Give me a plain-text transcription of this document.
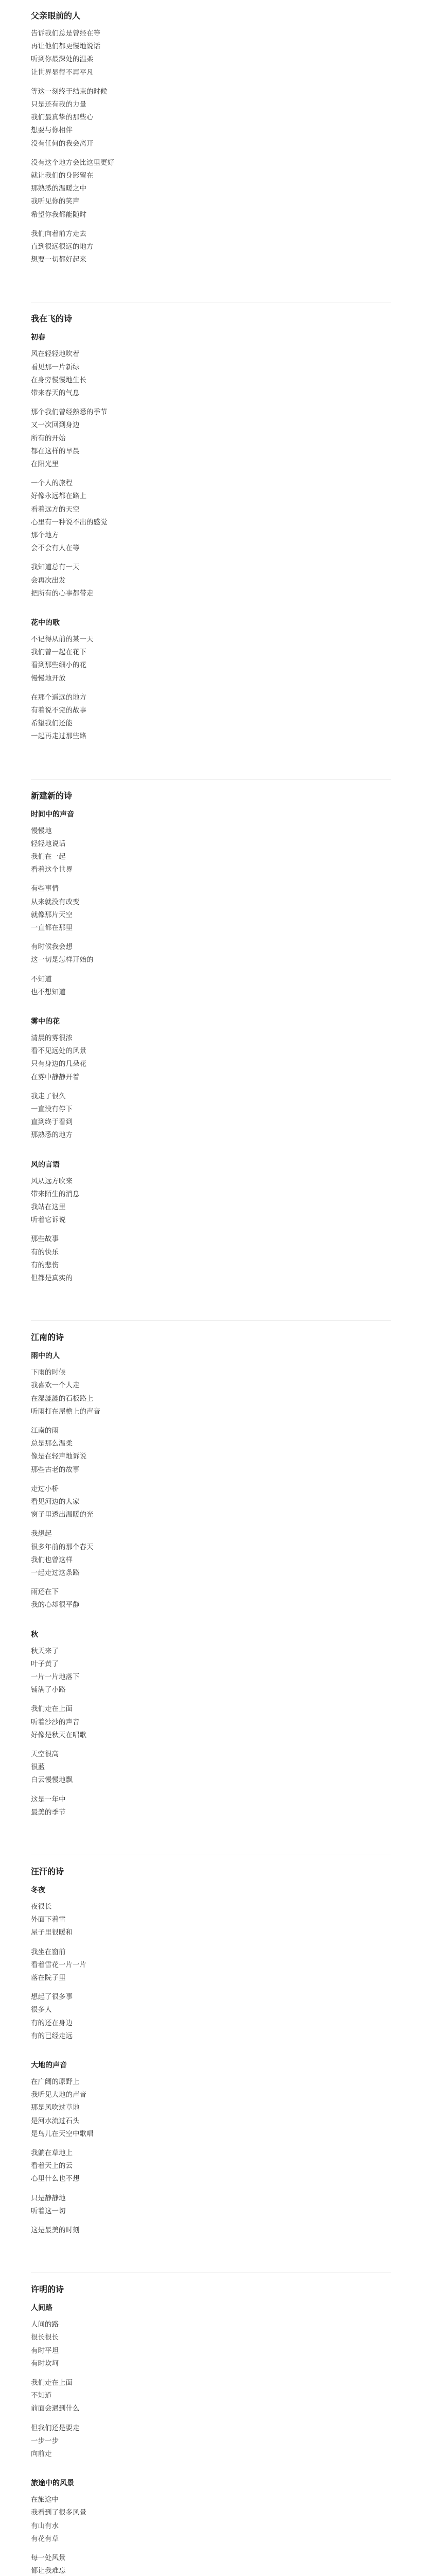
父亲眼前的人
告诉我们总是曾经在等
再让他们都更慢地说话
听到你最深处的温柔
让世界显得不再平凡
等这一刻终于结束的时候
只是还有我的力量
我们最真挚的那些心
想要与你相伴
没有任何的我会离开
没有这个地方会比这里更好
就让我们的身影留在
那熟悉的温暖之中
我听见你的笑声
希望你我都能随时
我们向着前方走去
直到很远很远的地方
想要一切都好起来
我在飞的诗
初春
风在轻轻地吹着
看见那一片新绿
在身旁慢慢地生长
带来春天的气息
那个我们曾经熟悉的季节
又一次回到身边
所有的开始
都在这样的早晨
在阳光里
一个人的旅程
好像永远都在路上
看着远方的天空
心里有一种说不出的感觉
那个地方
会不会有人在等
我知道总有一天
会再次出发
把所有的心事都带走
花中的歌
不记得从前的某一天
我们曾一起在花下
看到那些细小的花
慢慢地开放
在那个遥远的地方
有着说不完的故事
希望我们还能
一起再走过那些路
新建新的诗
时间中的声音
慢慢地
轻轻地说话
我们在一起
看着这个世界
有些事情
从来就没有改变
就像那片天空
一直都在那里
有时候我会想
这一切是怎样开始的
不知道
也不想知道
雾中的花
清晨的雾很浓
看不见远处的风景
只有身边的几朵花
在雾中静静开着
我走了很久
一直没有停下
直到终于看到
那熟悉的地方
风的言语
风从远方吹来
带来陌生的消息
我站在这里
听着它诉说
那些故事
有的快乐
有的悲伤
但都是真实的
江南的诗
雨中的人
下雨的时候
我喜欢一个人走
在湿漉漉的石板路上
听雨打在屋檐上的声音
江南的雨
总是那么温柔
像是在轻声地诉说
那些古老的故事
走过小桥
看见河边的人家
窗子里透出温暖的光
我想起
很多年前的那个春天
我们也曾这样
一起走过这条路
雨还在下
我的心却很平静
秋
秋天来了
叶子黄了
一片一片地落下
铺满了小路
我们走在上面
听着沙沙的声音
好像是秋天在唱歌
天空很高
很蓝
白云慢慢地飘
这是一年中
最美的季节
汪汗的诗
冬夜
夜很长
外面下着雪
屋子里很暖和
我坐在窗前
看着雪花一片一片
落在院子里
想起了很多事
很多人
有的还在身边
有的已经走远
大地的声音
在广阔的原野上
我听见大地的声音
那是风吹过草地
是河水流过石头
是鸟儿在天空中歌唱
我躺在草地上
看着天上的云
心里什么也不想
只是静静地
听着这一切
这是最美的时刻
许明的诗
人间路
人间的路
很长很长
有时平坦
有时坎坷
我们走在上面
不知道
前面会遇到什么
但我们还是要走
一步一步
向前走
旅途中的风景
在旅途中
我看到了很多风景
有山有水
有花有草
每一处风景
都让我难忘
